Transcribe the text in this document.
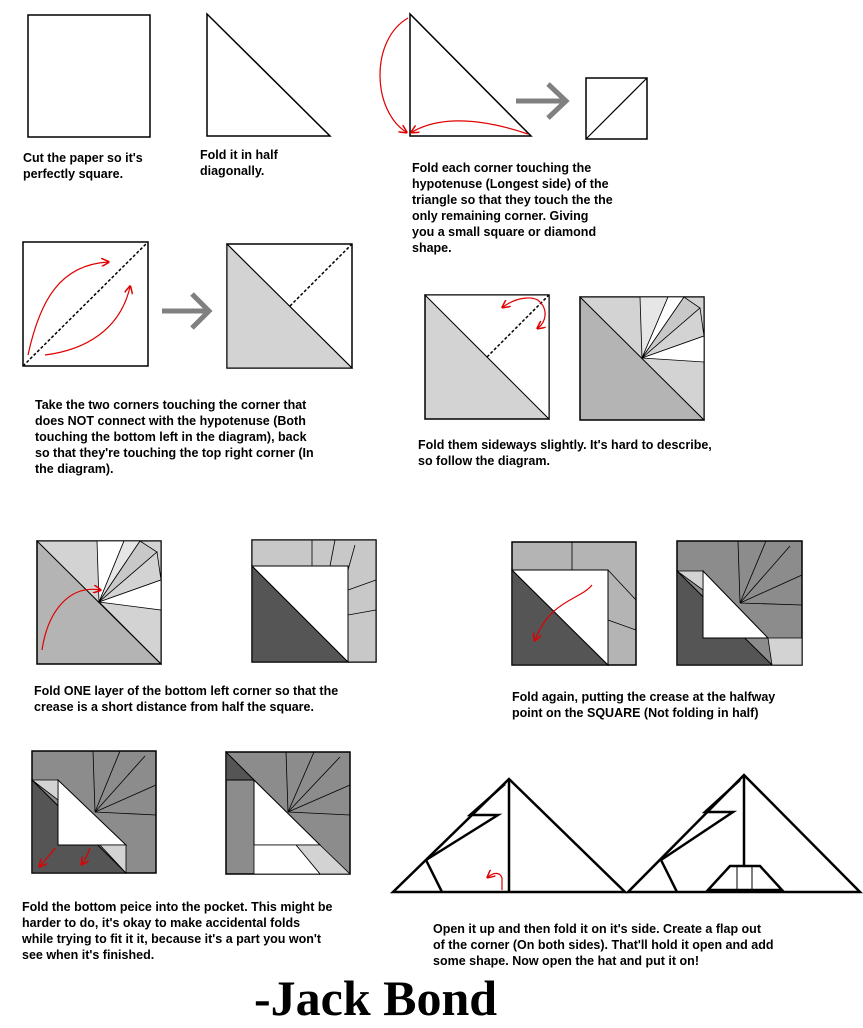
Cut the paper so it's
perfectly square.

Fold it in half
diagonally.	Fold each corner touching the
hypotenuse (Longest side) of the
triangle so that they touch the the
only remaining corner. Giving
you a small square or diamond
shape.

Take the two corners touching the corner that
does NOT connect with the hypotenuse (Both
touching the bottom left in the diagram), back
so that they're touching the top right corner (In
the diagram).

Fold them sideways slightly. It's hard to describe,
so follow the diagram.

Fold ONE layer of the bottom left corner so that the
crease is a short distance from half the square.

Fold again, putting the crease at the halfway
point on the SQUARE (Not folding in half)

Fold the bottom peice into the pocket. This might be
harder to do, it's okay to make accidental folds
while trying to fit it it, because it's a part you won't
see when it's finished.

Open it up and then fold it on it's side. Create a flap out
of the corner (On both sides). That'll hold it open and add
some shape. Now open the hat and put it on!

-Jack Bond
